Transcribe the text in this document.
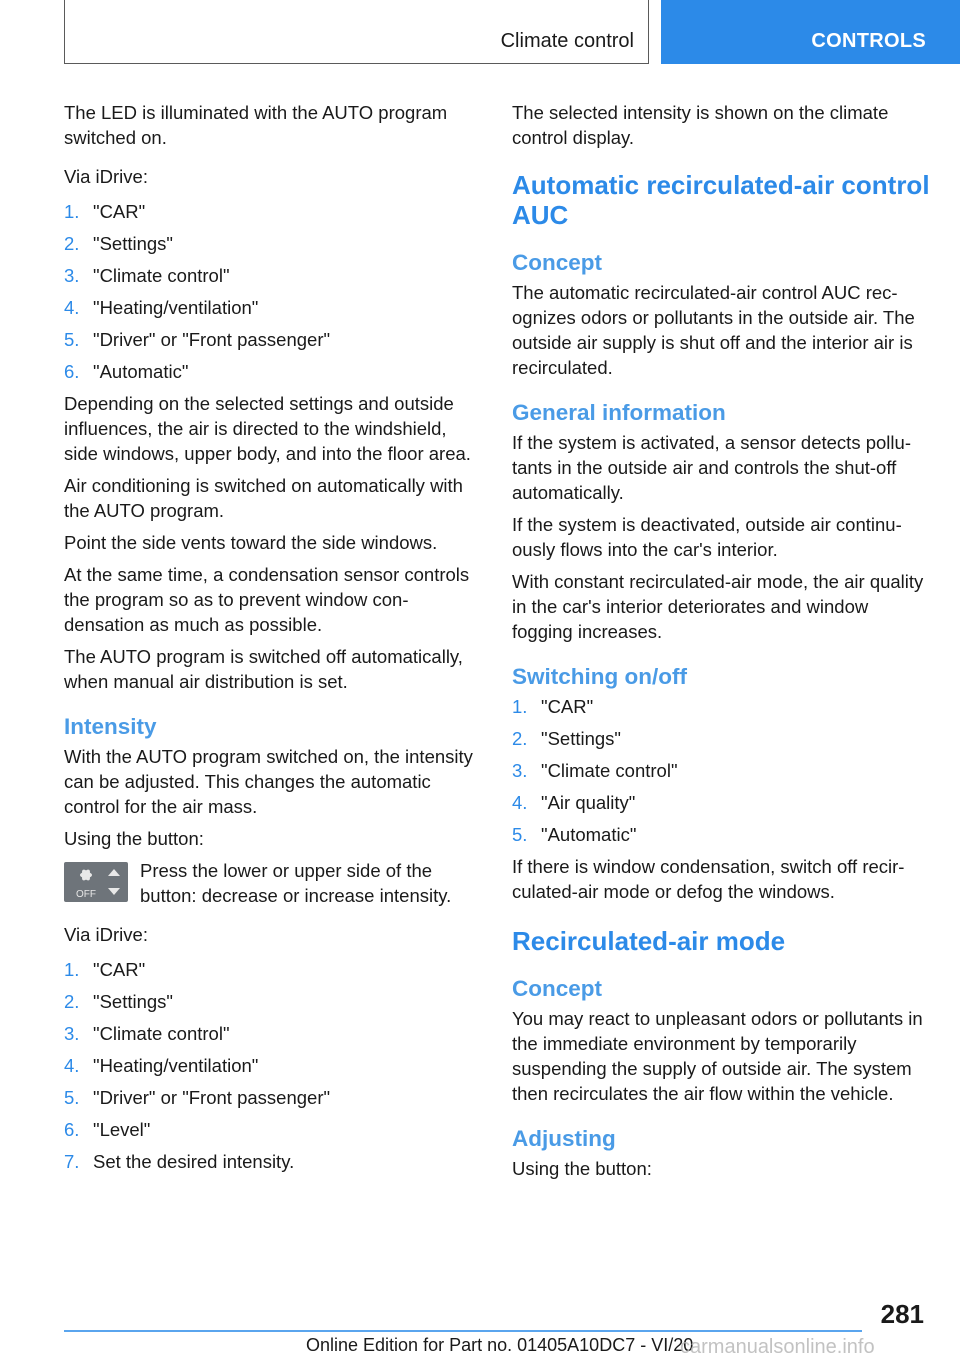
Climate control	CONTROLS

The LED is illuminated with the AUTO program switched on.

Via iDrive:

1. "CAR"
2. "Settings"
3. "Climate control"
4. "Heating/ventilation"
5. "Driver" or "Front passenger"
6. "Automatic"

Depending on the selected settings and outside influences, the air is directed to the windshield, side windows, upper body, and into the floor area.

Air conditioning is switched on automatically with the AUTO program.

Point the side vents toward the side windows.

At the same time, a condensation sensor controls the program so as to prevent window condensation as much as possible.

The AUTO program is switched off automatically, when manual air distribution is set.

Intensity

With the AUTO program switched on, the intensity can be adjusted. This changes the automatic control for the air mass.

Using the button:

OFF
Press the lower or upper side of the button: decrease or increase intensity.

Via iDrive:

1. "CAR"
2. "Settings"
3. "Climate control"
4. "Heating/ventilation"
5. "Driver" or "Front passenger"
6. "Level"
7. Set the desired intensity.

The selected intensity is shown on the climate control display.

Automatic recirculated-air control AUC
Concept

The automatic recirculated-air control AUC recognizes odors or pollutants in the outside air. The outside air supply is shut off and the interior air is recirculated.

General information

If the system is activated, a sensor detects pollutants in the outside air and controls the shut-off automatically.

If the system is deactivated, outside air continuously flows into the car's interior.

With constant recirculated-air mode, the air quality in the car's interior deteriorates and window fogging increases.

Switching on/off
1. "CAR"
2. "Settings"
3. "Climate control"
4. "Air quality"
5. "Automatic"

If there is window condensation, switch off recirculated-air mode or defog the windows.

Recirculated-air mode
Concept

You may react to unpleasant odors or pollutants in the immediate environment by temporarily suspending the supply of outside air. The system then recirculates the air flow within the vehicle.

Adjusting

Using the button:

281
Online Edition for Part no. 01405A10DC7 - VI/20
carmanualsonline.info
